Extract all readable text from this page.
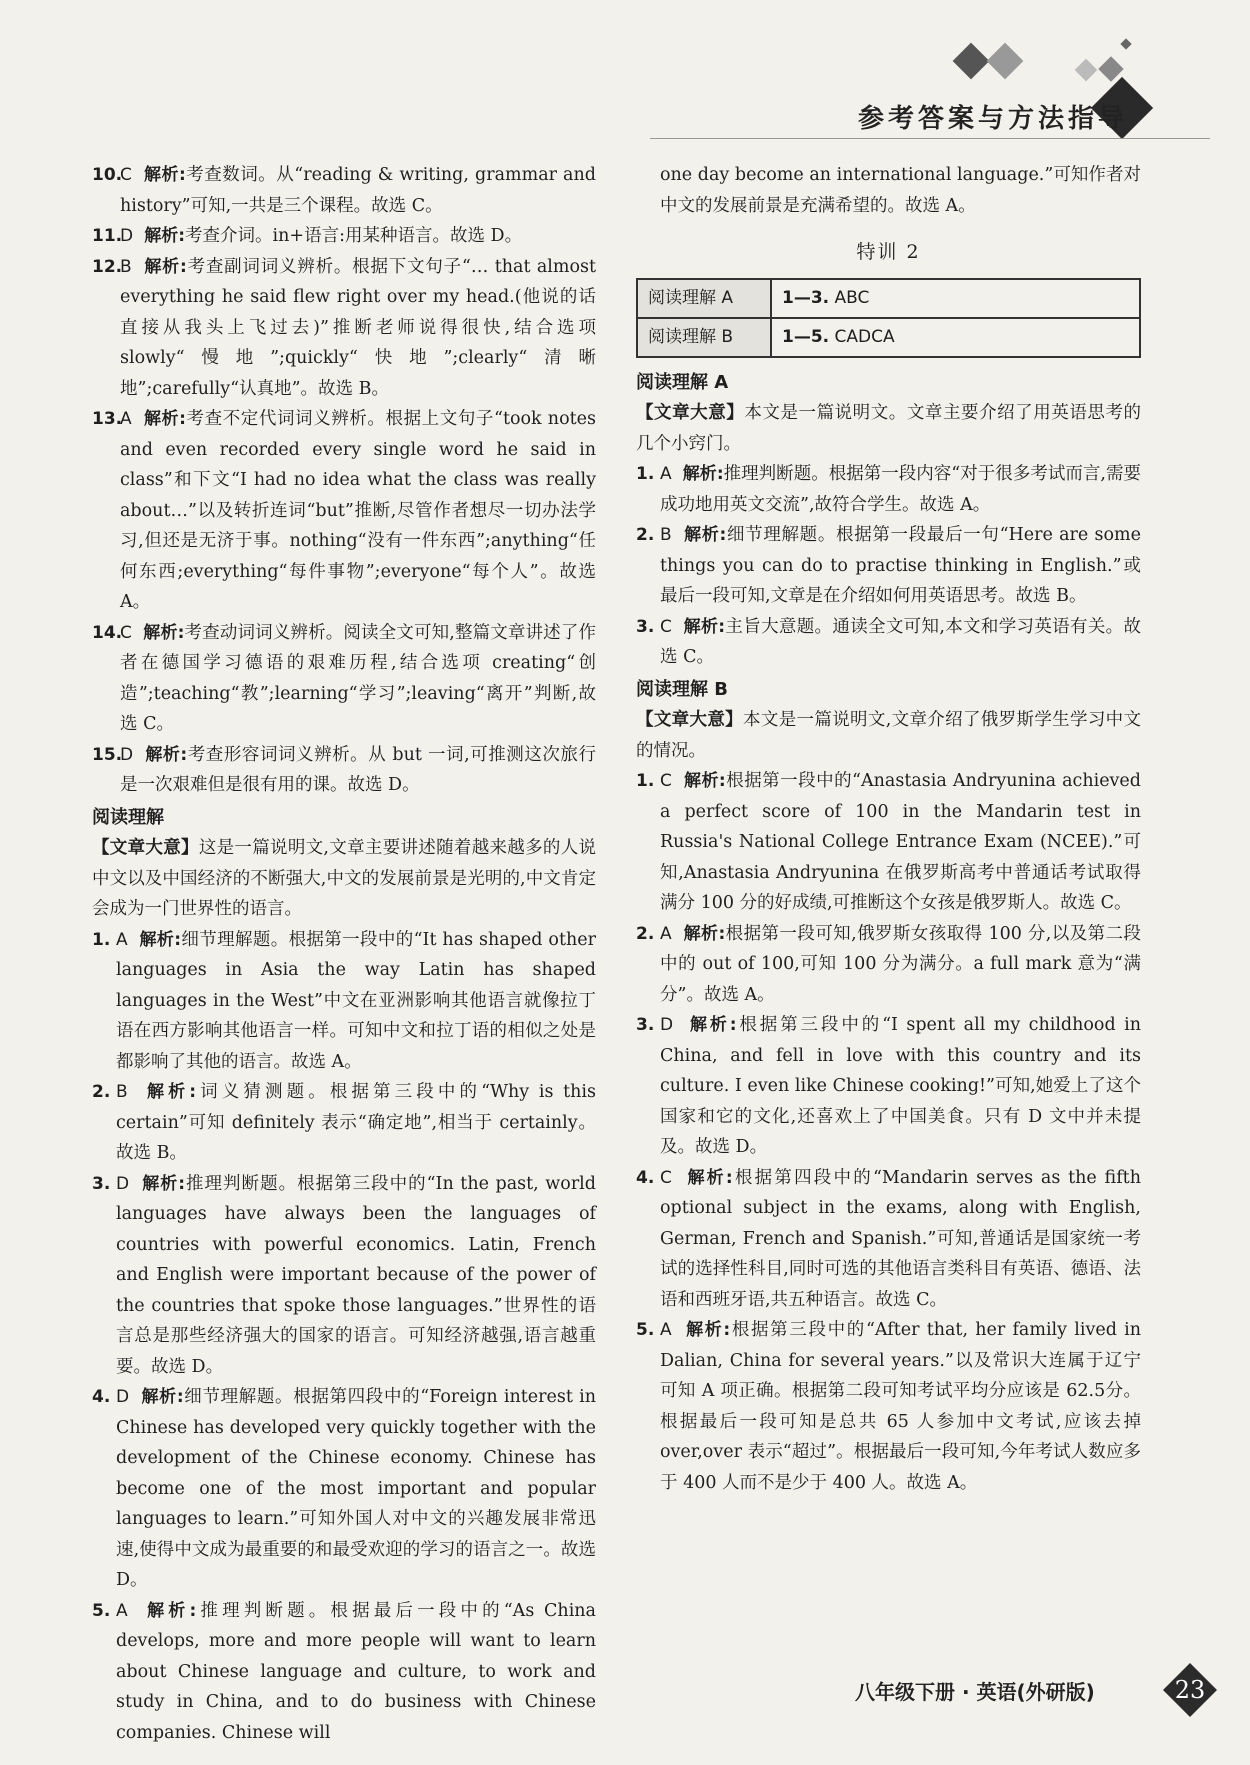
参考答案与方法指导
10.
C 解析:考查数词。从“reading & writing, grammar and history”可知,一共是三个课程。故选 C。
11.
D 解析:考查介词。in+语言:用某种语言。故选 D。
12.
B 解析:考查副词词义辨析。根据下文句子“… that almost everything he said flew right over my head.(他说的话直接从我头上飞过去)”推断老师说得很快,结合选项 slowly“慢地”;quickly“快地”;clearly“清晰地”;carefully“认真地”。故选 B。
13.
A 解析:考查不定代词词义辨析。根据上文句子“took notes and even recorded every single word he said in class”和下文“I had no idea what the class was really about…”以及转折连词“but”推断,尽管作者想尽一切办法学习,但还是无济于事。nothing“没有一件东西”;anything“任何东西;everything“每件事物”;everyone“每个人”。故选 A。
14.
C 解析:考查动词词义辨析。阅读全文可知,整篇文章讲述了作者在德国学习德语的艰难历程,结合选项 creating“创造”;teaching“教”;learning“学习”;leaving“离开”判断,故选 C。
15.
D 解析:考查形容词词义辨析。从 but 一词,可推测这次旅行是一次艰难但是很有用的课。故选 D。
阅读理解
【文章大意】这是一篇说明文,文章主要讲述随着越来越多的人说中文以及中国经济的不断强大,中文的发展前景是光明的,中文肯定会成为一门世界性的语言。
1. A 解析:细节理解题。根据第一段中的“It has shaped other languages in Asia the way Latin has shaped languages in the West”中文在亚洲影响其他语言就像拉丁语在西方影响其他语言一样。可知中文和拉丁语的相似之处是都影响了其他的语言。故选 A。
2. B 解析:词义猜测题。根据第三段中的“Why is this certain”可知 definitely 表示“确定地”,相当于 certainly。故选 B。
3. D 解析:推理判断题。根据第三段中的“In the past, world languages have always been the languages of countries with powerful economics. Latin, French and English were important because of the power of the countries that spoke those languages.”世界性的语言总是那些经济强大的国家的语言。可知经济越强,语言越重要。故选 D。
4. D 解析:细节理解题。根据第四段中的“Foreign interest in Chinese has developed very quickly together with the development of the Chinese economy. Chinese has become one of the most important and popular languages to learn.”可知外国人对中文的兴趣发展非常迅速,使得中文成为最重要的和最受欢迎的学习的语言之一。故选 D。
5. A 解析:推理判断题。根据最后一段中的“As China develops, more and more people will want to learn about Chinese language and culture, to work and study in China, and to do business with Chinese companies. Chinese will
one day become an international language.”可知作者对中文的发展前景是充满希望的。故选 A。
特训 2
阅读理解 A	1—3. ABC
阅读理解 B	1—5. CADCA
阅读理解 A
【文章大意】本文是一篇说明文。文章主要介绍了用英语思考的几个小窍门。
1. A 解析:推理判断题。根据第一段内容“对于很多考试而言,需要成功地用英文交流”,故符合学生。故选 A。
2. B 解析:细节理解题。根据第一段最后一句“Here are some things you can do to practise thinking in English.”或最后一段可知,文章是在介绍如何用英语思考。故选 B。
3. C 解析:主旨大意题。通读全文可知,本文和学习英语有关。故选 C。
阅读理解 B
【文章大意】本文是一篇说明文,文章介绍了俄罗斯学生学习中文的情况。
1. C 解析:根据第一段中的“Anastasia Andryunina achieved a perfect score of 100 in the Mandarin test in Russia's National College Entrance Exam (NCEE).”可知,Anastasia Andryunina 在俄罗斯高考中普通话考试取得满分 100 分的好成绩,可推断这个女孩是俄罗斯人。故选 C。
2. A 解析:根据第一段可知,俄罗斯女孩取得 100 分,以及第二段中的 out of 100,可知 100 分为满分。a full mark 意为“满分”。故选 A。
3. D 解析:根据第三段中的“I spent all my childhood in China, and fell in love with this country and its culture. I even like Chinese cooking!”可知,她爱上了这个国家和它的文化,还喜欢上了中国美食。只有 D 文中并未提及。故选 D。
4. C 解析:根据第四段中的“Mandarin serves as the fifth optional subject in the exams, along with English, German, French and Spanish.”可知,普通话是国家统一考试的选择性科目,同时可选的其他语言类科目有英语、德语、法语和西班牙语,共五种语言。故选 C。
5. A 解析:根据第三段中的“After that, her family lived in Dalian, China for several years.”以及常识大连属于辽宁可知 A 项正确。根据第二段可知考试平均分应该是 62.5分。根据最后一段可知是总共 65 人参加中文考试,应该去掉 over,over 表示“超过”。根据最后一段可知,今年考试人数应多于 400 人而不是少于 400 人。故选 A。
八年级下册 · 英语(外研版)	23
